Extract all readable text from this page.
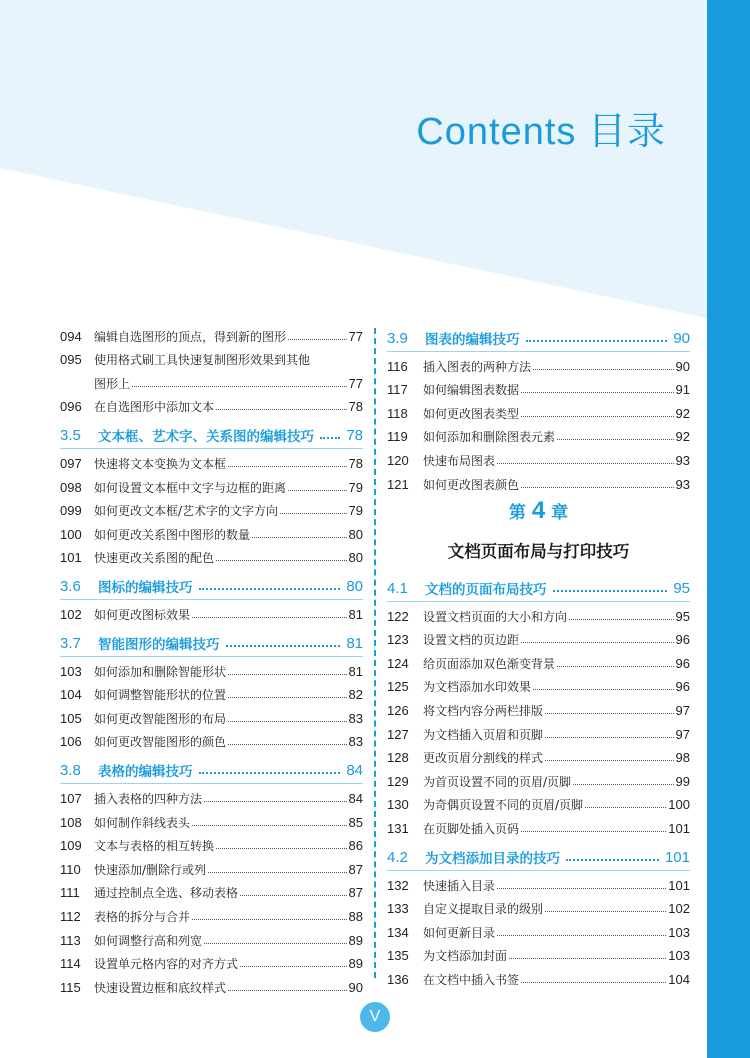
Contents 目录
094	编辑自选图形的顶点，得到新的图形	77
095	使用格式刷工具快速复制图形效果到其他
图形上	77
096	在自选图形中添加文本	78
3.5	文本框、艺术字、关系图的编辑技巧 78
097	快速将文本变换为文本框	78
098	如何设置文本框中文字与边框的距离	79
099	如何更改文本框/艺术字的文字方向	79
100	如何更改关系图中图形的数量	80
101	快速更改关系图的配色	80
3.6	图标的编辑技巧	80
102	如何更改图标效果	81
3.7	智能图形的编辑技巧	81
103	如何添加和删除智能形状	81
104	如何调整智能形状的位置	82
105	如何更改智能图形的布局	83
106	如何更改智能图形的颜色	83
3.8	表格的编辑技巧	84
107	插入表格的四种方法	84
108	如何制作斜线表头	85
109	文本与表格的相互转换	86
110	快速添加/删除行或列	87
111	通过控制点全选、移动表格	87
112	表格的拆分与合并	88
113	如何调整行高和列宽	89
114	设置单元格内容的对齐方式	89
115	快速设置边框和底纹样式	90
3.9	图表的编辑技巧	90
116	插入图表的两种方法	90
117	如何编辑图表数据	91
118	如何更改图表类型	92
119	如何添加和删除图表元素	92
120	快速布局图表	93
121	如何更改图表颜色	93
第 4 章
文档页面布局与打印技巧
4.1	文档的页面布局技巧	95
122	设置文档页面的大小和方向	95
123	设置文档的页边距	96
124	给页面添加双色渐变背景	96
125	为文档添加水印效果	96
126	将文档内容分两栏排版	97
127	为文档插入页眉和页脚	97
128	更改页眉分割线的样式	98
129	为首页设置不同的页眉/页脚	99
130	为奇偶页设置不同的页眉/页脚	100
131	在页脚处插入页码	101
4.2	为文档添加目录的技巧	101
132	快速插入目录	101
133	自定义提取目录的级别	102
134	如何更新目录	103
135	为文档添加封面	103
136	在文档中插入书签	104
V
